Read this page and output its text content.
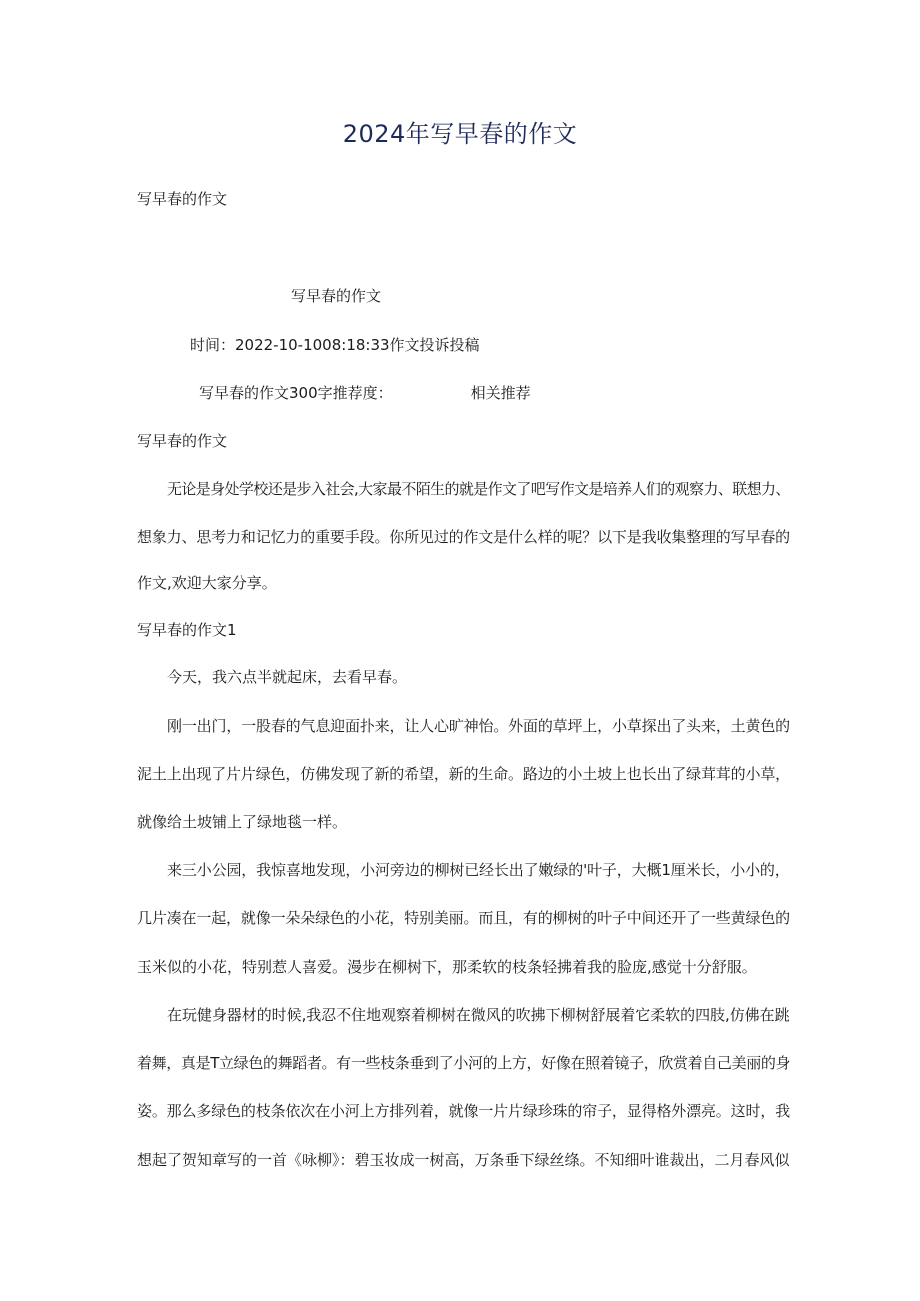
2024年写早春的作文
写早春的作文
写早春的作文
时间：2022-10-1008:18:33作文投诉投稿
写早春的作文300字推荐度：	相关推荐
写早春的作文
无论是身处学校还是步入社会,大家最不陌生的就是作文了吧写作文是培养人们的观察力、联想力、
想象力、思考力和记忆力的重要手段。你所见过的作文是什么样的呢？以下是我收集整理的写早春的
作文,欢迎大家分享。
写早春的作文1
今天，我六点半就起床，去看早春。
刚一出门，一股春的气息迎面扑来，让人心旷神怡。外面的草坪上，小草探出了头来，土黄色的
泥土上出现了片片绿色，仿佛发现了新的希望，新的生命。路边的小土坡上也长出了绿茸茸的小草，
就像给土坡铺上了绿地毯一样。
来三小公园，我惊喜地发现，小河旁边的柳树已经长出了嫩绿的'叶子，大概1厘米长，小小的，
几片凑在一起，就像一朵朵绿色的小花，特别美丽。而且，有的柳树的叶子中间还开了一些黄绿色的
玉米似的小花，特别惹人喜爱。漫步在柳树下，那柔软的枝条轻拂着我的脸庞,感觉十分舒服。
在玩健身器材的时候,我忍不住地观察着柳树在微风的吹拂下柳树舒展着它柔软的四肢,仿佛在跳
着舞，真是T立绿色的舞蹈者。有一些枝条垂到了小河的上方，好像在照着镜子，欣赏着自己美丽的身
姿。那么多绿色的枝条依次在小河上方排列着，就像一片片绿珍珠的帘子，显得格外漂亮。这时，我
想起了贺知章写的一首《咏柳》：碧玉妆成一树高，万条垂下绿丝绦。不知细叶谁裁出，二月春风似
